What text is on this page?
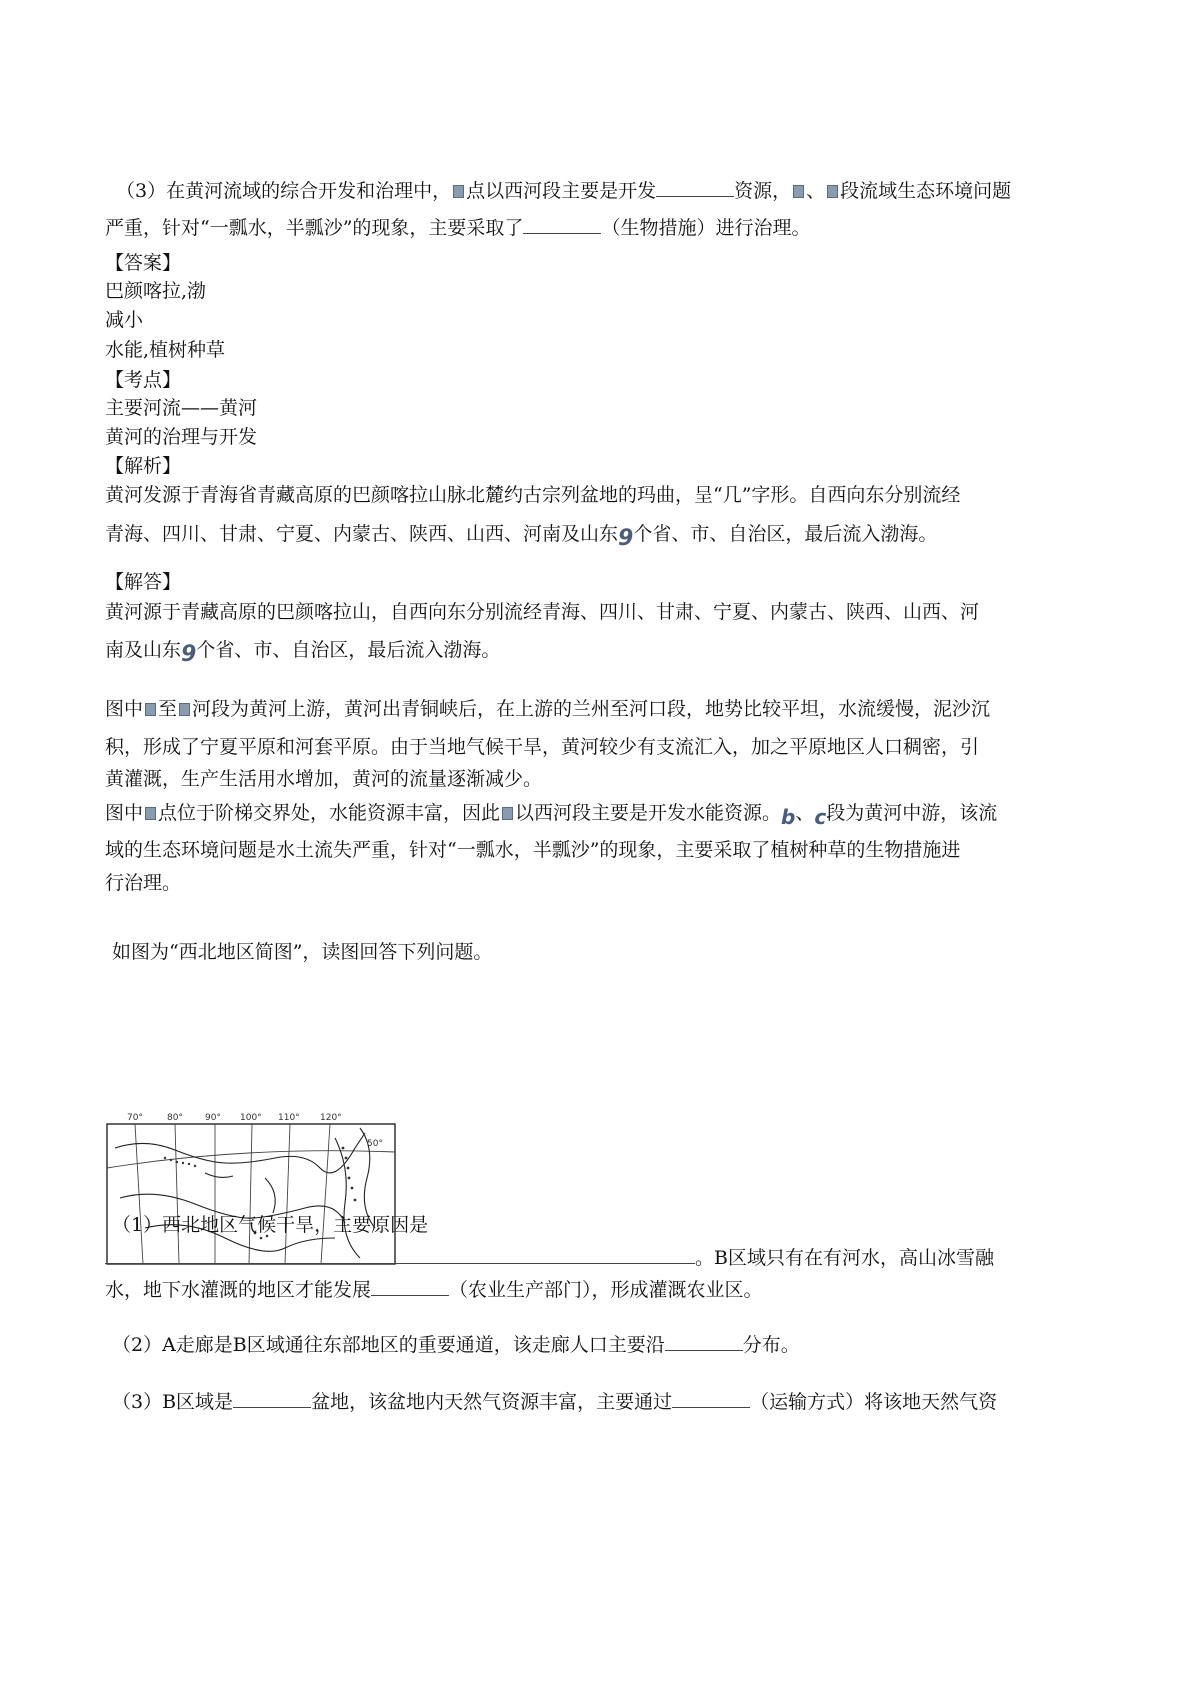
（3）在黄河流域的综合开发和治理中， 点以西河段主要是开发	资源， 、 段流域生态环境问题
严重，针对“一瓢水，半瓢沙”的现象，主要采取了	（生物措施）进行治理。
【答案】
巴颜喀拉,渤
减小
水能,植树种草
【考点】
主要河流——黄河
黄河的治理与开发
【解析】
黄河发源于青海省青藏高原的巴颜喀拉山脉北麓约古宗列盆地的玛曲，呈“几”字形。自西向东分别流经
青海、四川、甘肃、宁夏、内蒙古、陕西、山西、河南及山东9个省、市、自治区，最后流入渤海。
【解答】
黄河源于青藏高原的巴颜喀拉山，自西向东分别流经青海、四川、甘肃、宁夏、内蒙古、陕西、山西、河
南及山东9个省、市、自治区，最后流入渤海。
图中 至 河段为黄河上游，黄河出青铜峡后，在上游的兰州至河口段，地势比较平坦，水流缓慢，泥沙沉
积，形成了宁夏平原和河套平原。由于当地气候干旱，黄河较少有支流汇入，加之平原地区人口稠密，引
黄灌溉，生产生活用水增加，黄河的流量逐渐减少。
图中 点位于阶梯交界处，水能资源丰富，因此 以西河段主要是开发水能资源。b、c段为黄河中游，该流
域的生态环境问题是水土流失严重，针对“一瓢水，半瓢沙”的现象，主要采取了植树种草的生物措施进
行治理。
如图为“西北地区简图”，读图回答下列问题。
70°	80° 90° 100° 110° 120°
50°
（1）西北地区气候干旱，主要原因是
。B区域只有在有河水，高山冰雪融
水，地下水灌溉的地区才能发展	（农业生产部门），形成灌溉农业区。
（2）A走廊是B区域通往东部地区的重要通道，该走廊人口主要沿	分布。
（3）B区域是	盆地，该盆地内天然气资源丰富，主要通过	（运输方式）将该地天然气资
